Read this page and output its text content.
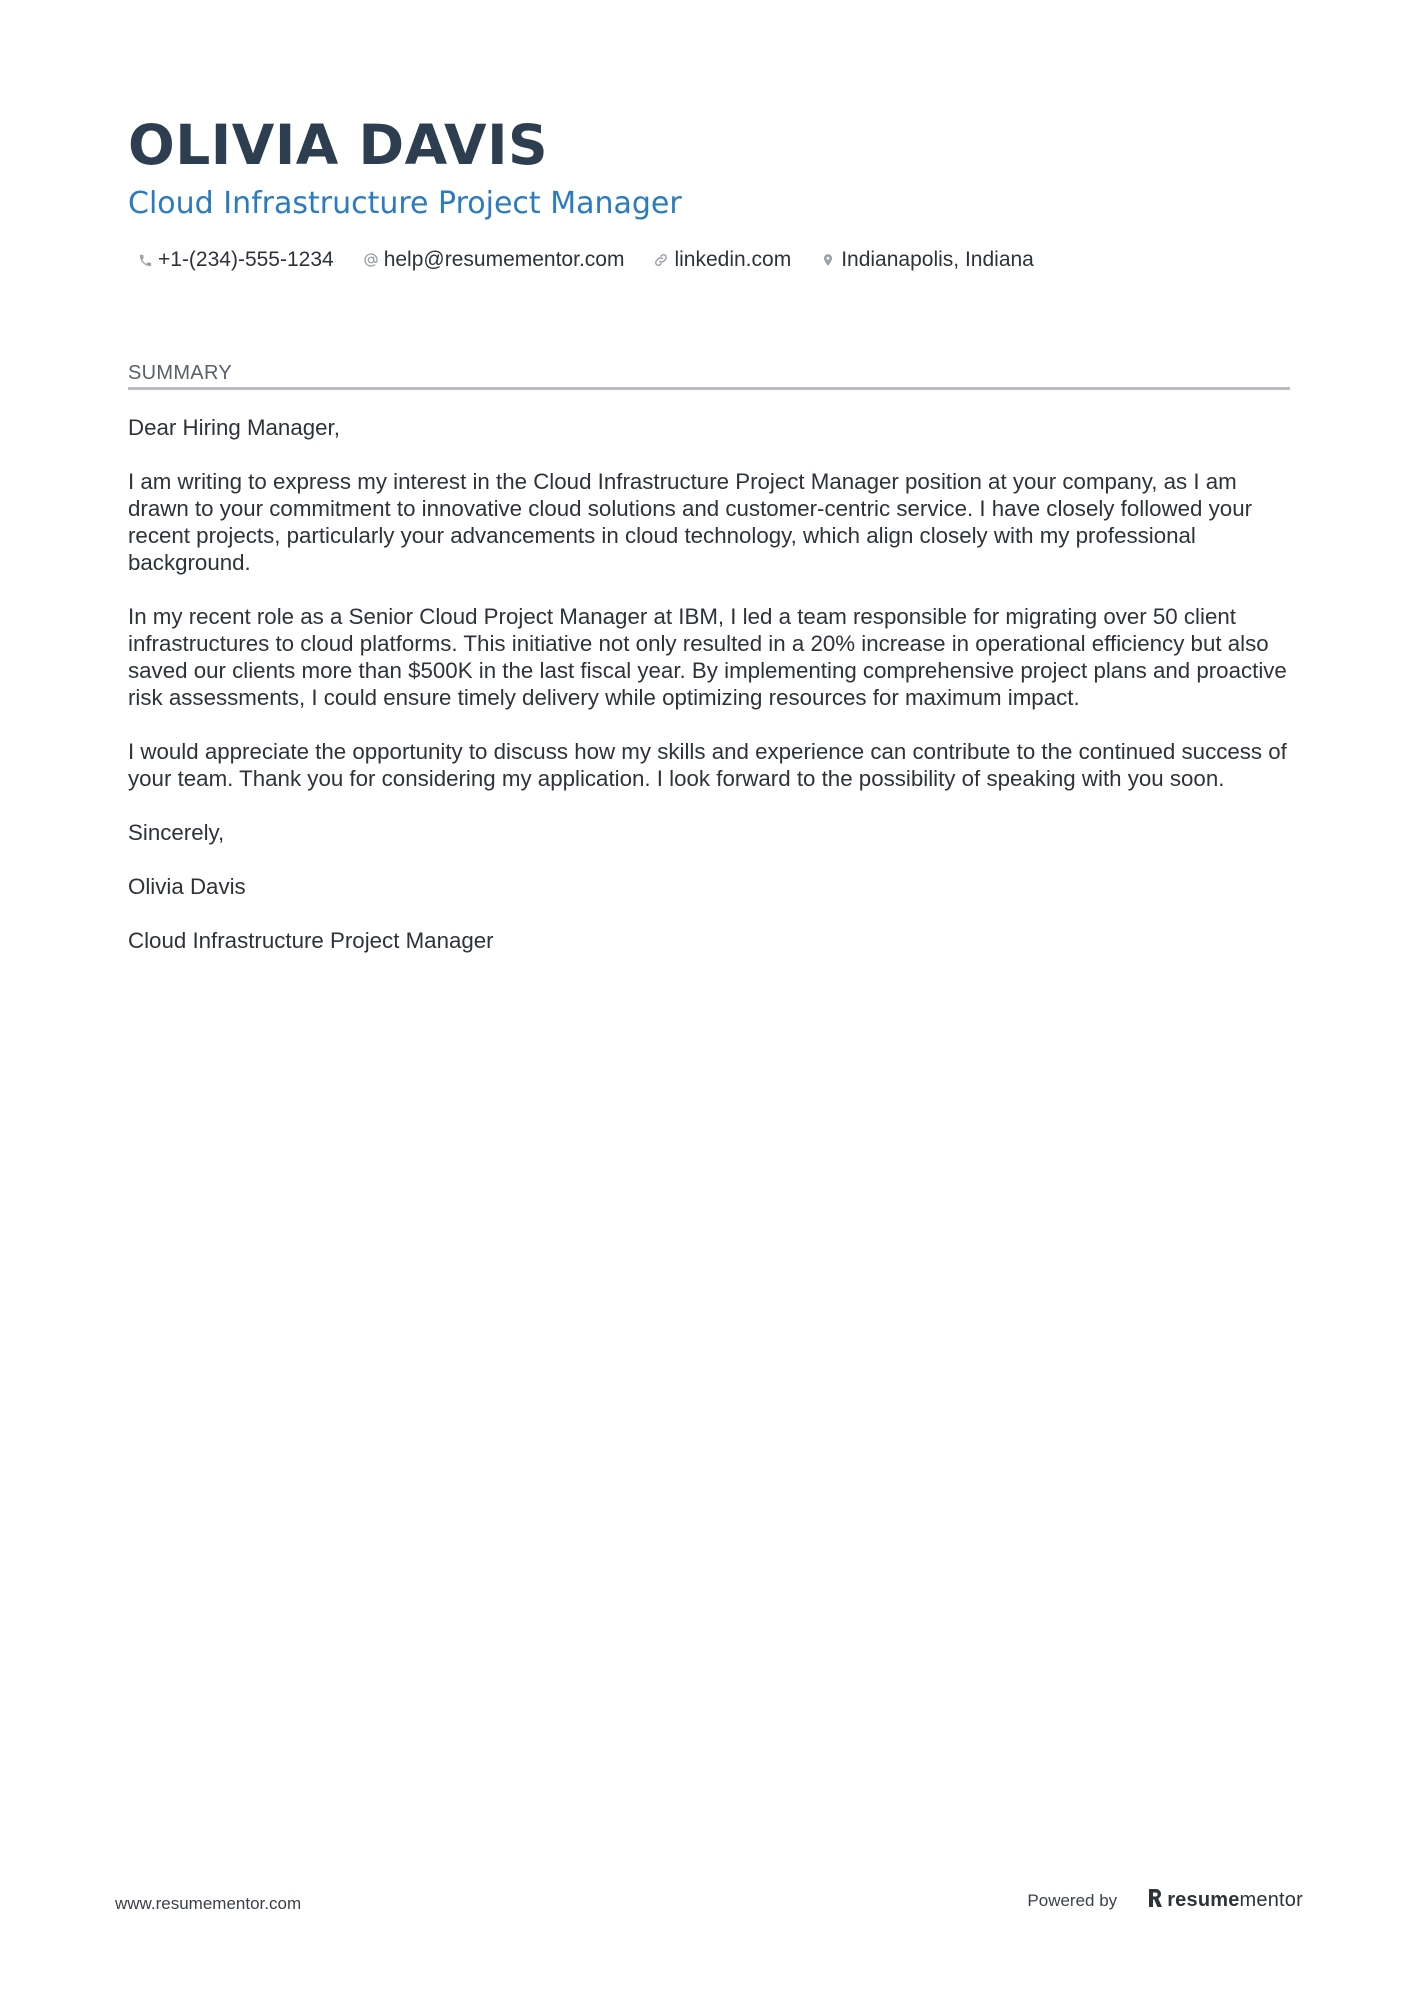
OLIVIA DAVIS
Cloud Infrastructure Project Manager
+1-(234)-555-1234 help@resumementor.com linkedin.com Indianapolis, Indiana
SUMMARY

Dear Hiring Manager,

I am writing to express my interest in the Cloud Infrastructure Project Manager position at your company, as I am drawn to your commitment to innovative cloud solutions and customer-centric service. I have closely followed your recent projects, particularly your advancements in cloud technology, which align closely with my professional background.

In my recent role as a Senior Cloud Project Manager at IBM, I led a team responsible for migrating over 50 client infrastructures to cloud platforms. This initiative not only resulted in a 20% increase in operational efficiency but also saved our clients more than $500K in the last fiscal year. By implementing comprehensive project plans and proactive risk assessments, I could ensure timely delivery while optimizing resources for maximum impact.

I would appreciate the opportunity to discuss how my skills and experience can contribute to the continued success of your team. Thank you for considering my application. I look forward to the possibility of speaking with you soon.

Sincerely,

Olivia Davis

Cloud Infrastructure Project Manager

www.resumementor.com	Powered by	resumementor
